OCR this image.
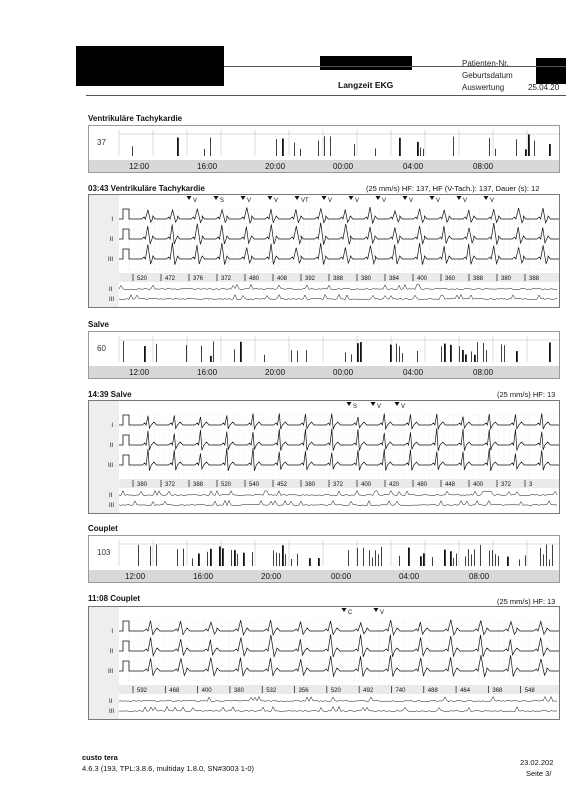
Patienten-Nr.
Geburtsdatum
Auswertung	25.04.20
Langzeit EKG
Ventrikuläre Tachykardie
37
12:00	16:00	20:00	00:00	04:00	08:00
03:43 Ventrikuläre Tachykardie	(25 mm/s) HF: 137, HF (V-Tach.): 137, Dauer (s): 12
V	S	V	V	VT	V	V	V	V	V	V	V
520	472	376	372	480	408	392	388	380	384	400	360	388	380	388
II
III
I
II
III
Salve
60
12:00	16:00	20:00	00:00	04:00	08:00
14:39 Salve	(25 mm/s) HF: 13
S	V	V
380	372	388	520	540	452	380	372	400	420	480	448	400	372	3
II
III
I
II
III
Couplet
103
12:00	16:00	20:00	00:00	04:00	08:00
11:08 Couplet	(25 mm/s) HF: 13
C	V
592	468	400	380	532	356	520	492	740	488	464	368	548
II
III
I
II
III
custo tera
4.6.3 (193, TPL:3.8.6, multiday 1.8.0, SN#3003 1-0)
23.02.202
Seite 3/
